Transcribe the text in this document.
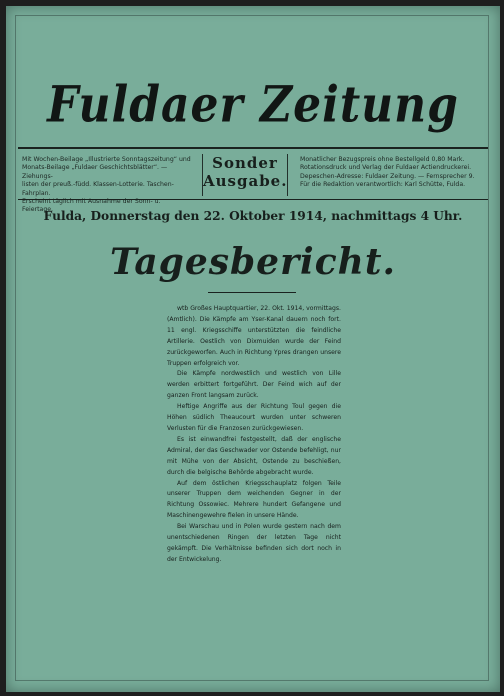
Fuldaer Zeitung

Mit Wochen-Beilage „Illustrierte Sonntagszeitung“ und

Monats-Beilage „Fuldaer Geschichtsblätter“. — Ziehungs-

listen der preuß.-füdd. Klassen-Lotterie. Taschen-Fahrplan.

Erscheint täglich mit Ausnahme der Sonn- u. Feiertage.

Sonder
Ausgabe.

Monatlicher Bezugspreis ohne Bestellgeld 0,80 Mark.

Rotationsdruck und Verlag der Fuldaer Actiendruckerei.

Depeschen-Adresse: Fuldaer Zeitung. — Fernsprecher 9.

Für die Redaktion verantwortlich: Karl Schütte, Fulda.

Fulda, Donnerstag den 22. Oktober 1914, nachmittags 4 Uhr.
Tagesbericht.

wtb Großes Hauptquartier, 22. Okt. 1914, vormittags. (Amtlich). Die Kämpfe am Yser-Kanal dauern noch fort. 11 engl. Kriegsschiffe unterstützten die feindliche Artillerie. Oestlich von Dixmuiden wurde der Feind zurückgeworfen. Auch in Richtung Ypres drangen unsere Truppen erfolgreich vor.

Die Kämpfe nordwestlich und westlich von Lille werden erbittert fortgeführt. Der Feind wich auf der ganzen Front langsam zurück.

Heftige Angriffe aus der Richtung Toul gegen die Höhen südlich Theaucourt wurden unter schweren Verlusten für die Franzosen zurückgewiesen.

Es ist einwandfrei festgestellt, daß der englische Admiral, der das Geschwader vor Ostende befehligt, nur mit Mühe von der Absicht, Ostende zu beschießen, durch die belgische Behörde abgebracht wurde.

Auf dem östlichen Kriegsschauplatz folgen Teile unserer Truppen dem weichenden Gegner in der Richtung Ossowiec. Mehrere hundert Gefangene und Maschinengewehre fielen in unsere Hände.

Bei Warschau und in Polen wurde gestern nach dem unentschiedenen Ringen der letzten Tage nicht gekämpft. Die Verhältnisse befinden sich dort noch in der Entwickelung.
